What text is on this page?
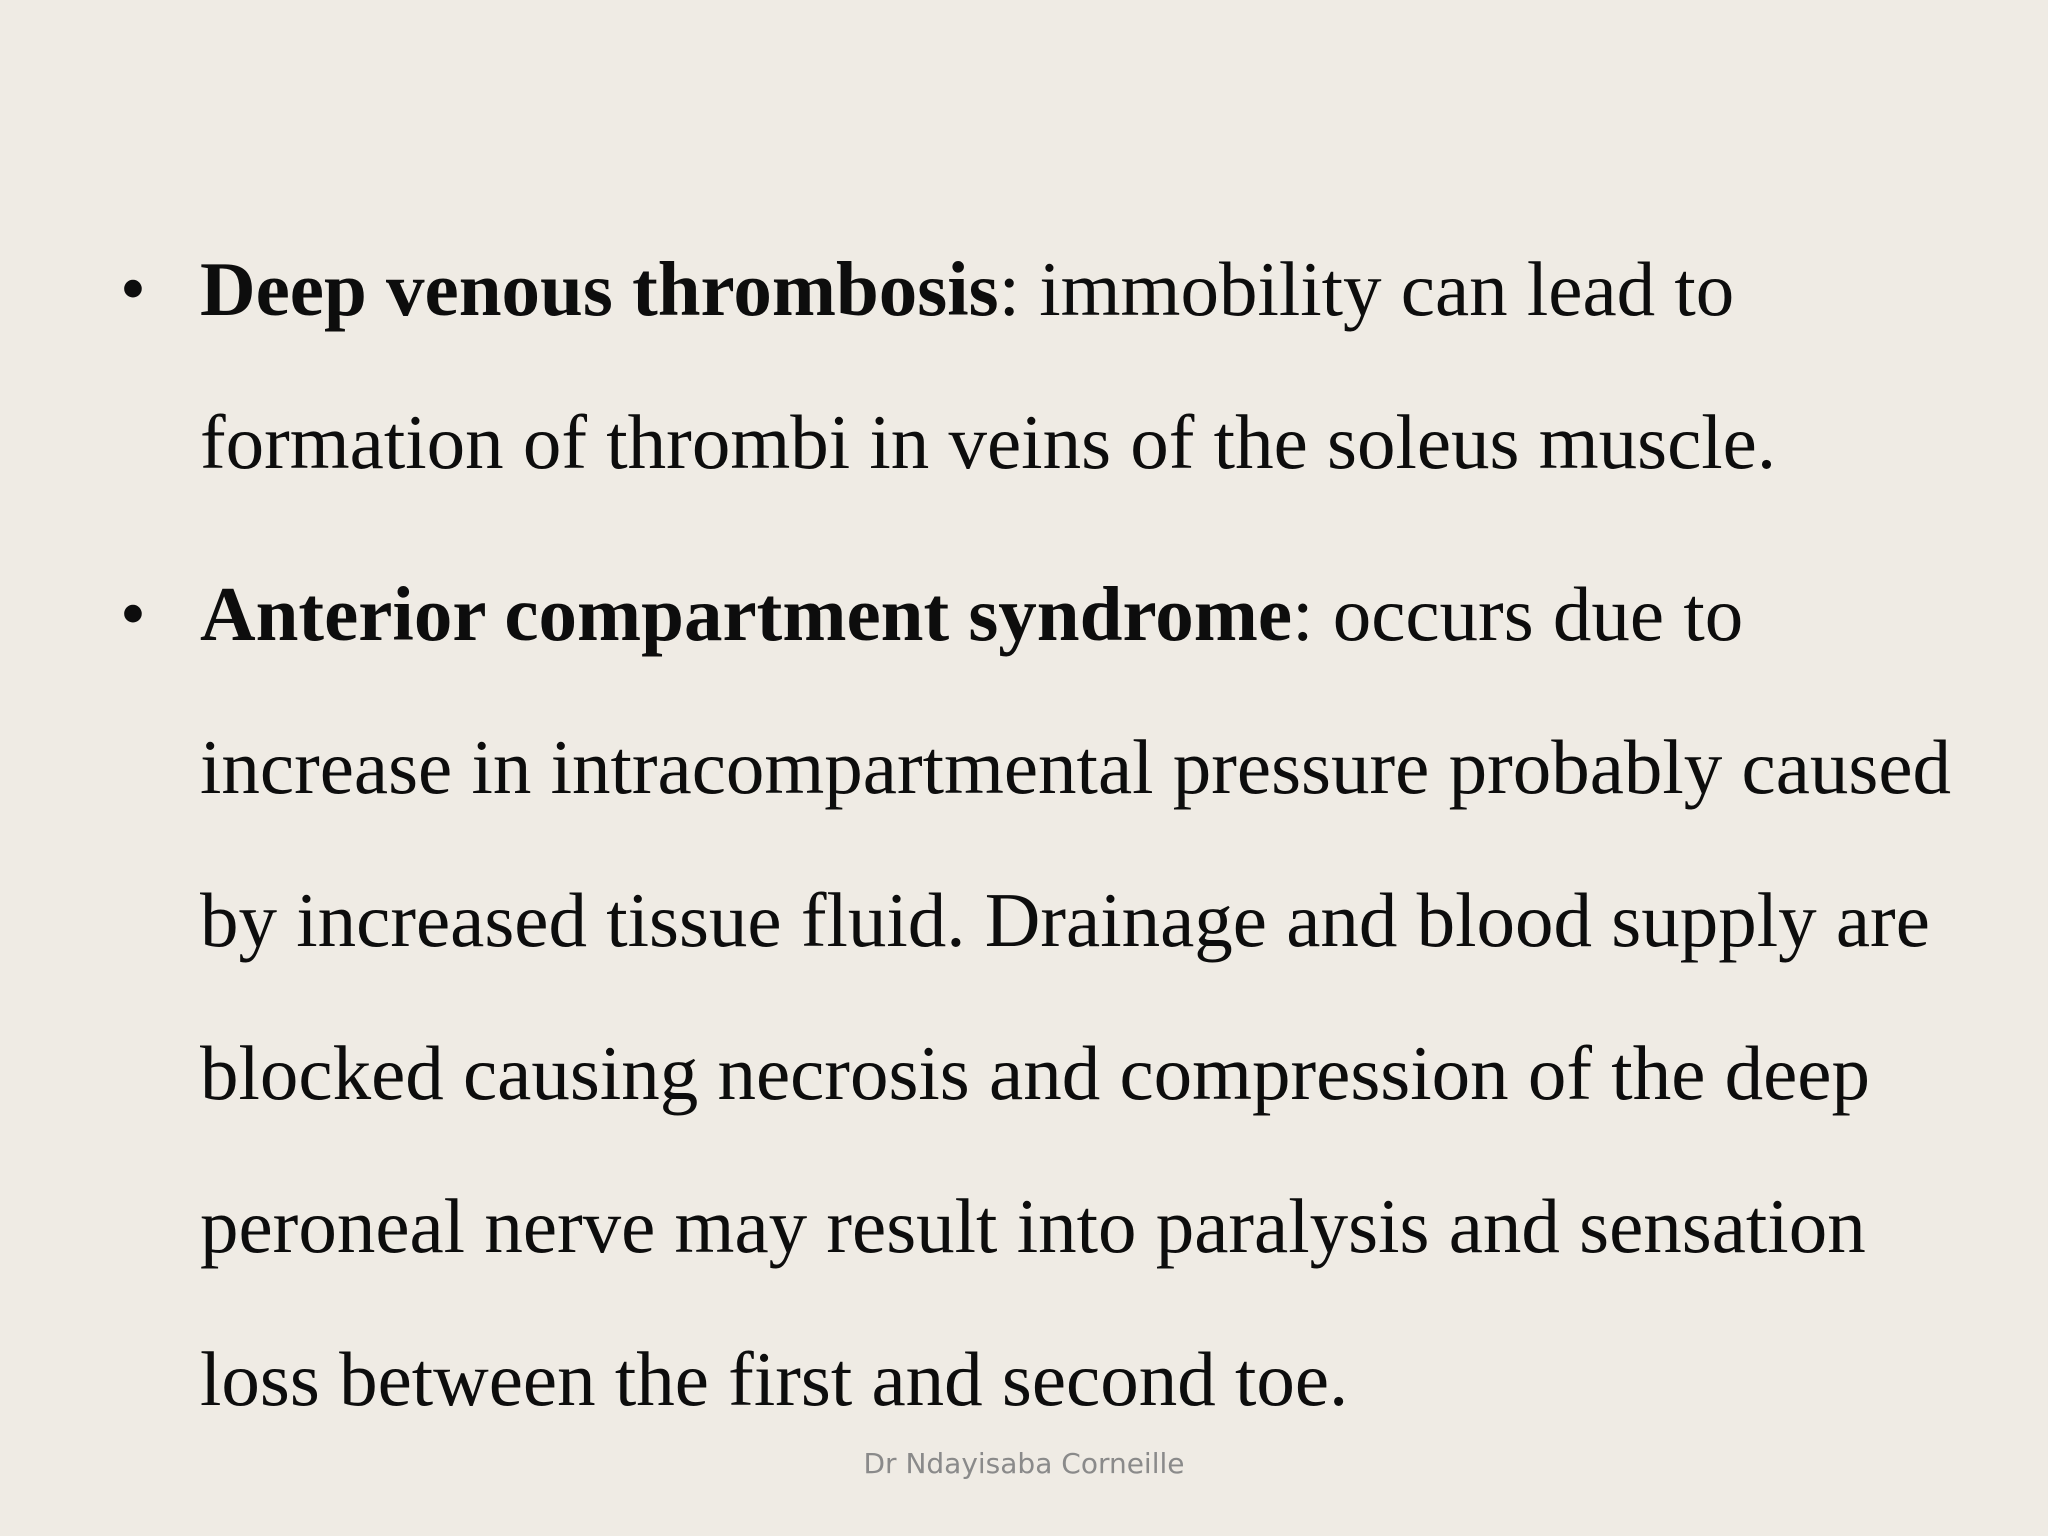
• Deep venous thrombosis: immobility can lead to formation of thrombi in veins of the soleus muscle.
• Anterior compartment syndrome: occurs due to increase in intracompartmental pressure probably caused by increased tissue fluid. Drainage and blood supply are blocked causing necrosis and compression of the deep peroneal nerve may result into paralysis and sensation loss between the first and second toe.
Dr Ndayisaba Corneille
